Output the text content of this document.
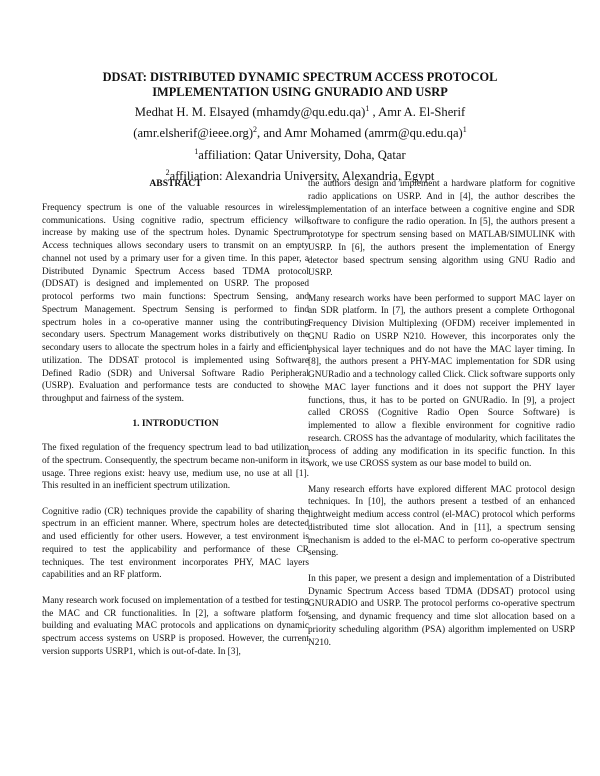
DDSAT: DISTRIBUTED DYNAMIC SPECTRUM ACCESS PROTOCOL
IMPLEMENTATION USING GNURADIO AND USRP

Medhat H. M. Elsayed (mhamdy@qu.edu.qa)$^1$ , Amr A. El-Sherif
(amr.elsherif@ieee.org)$^2$, and Amr Mohamed (amrm@qu.edu.qa)$^1$
$^1$affiliation: Qatar University, Doha, Qatar
$^2$affiliation: Alexandria University, Alexandria, Egypt

ABSTRACT

Frequency spectrum is one of the valuable resources in wireless communications. Using cognitive radio, spectrum efficiency will increase by making use of the spectrum holes. Dynamic Spectrum Access techniques allows secondary users to transmit on an empty channel not used by a primary user for a given time. In this paper, a Distributed Dynamic Spectrum Access based TDMA protocol (DDSAT) is designed and implemented on USRP. The proposed protocol performs two main functions: Spectrum Sensing, and Spectrum Management. Spectrum Sensing is performed to find spectrum holes in a co-operative manner using the contributing secondary users. Spectrum Management works distributively on the secondary users to allocate the spectrum holes in a fairly and efficient utilization. The DDSAT protocol is implemented using Software Defined Radio (SDR) and Universal Software Radio Peripheral (USRP). Evaluation and performance tests are conducted to show throughput and fairness of the system.

1. INTRODUCTION

The fixed regulation of the frequency spectrum lead to bad utilization of the spectrum. Consequently, the spectrum became non-uniform in its usage. Three regions exist: heavy use, medium use, no use at all [1]. This resulted in an inefficient spectrum utilization.

Cognitive radio (CR) techniques provide the capability of sharing the spectrum in an efficient manner. Where, spectrum holes are detected and used efficiently for other users. However, a test environment is required to test the applicability and performance of these CR techniques. The test environment incorporates PHY, MAC layers capabilities and an RF platform.

Many research work focused on implementation of a testbed for testing the MAC and CR functionalities. In [2], a software platform for building and evaluating MAC protocols and applications on dynamic spectrum access systems on USRP is proposed. However, the current version supports USRP1, which is out-of-date. In [3],

the authors design and implement a hardware platform for cognitive radio applications on USRP. And in [4], the author describes the implementation of an interface between a cognitive engine and SDR software to configure the radio operation. In [5], the authors present a prototype for spectrum sensing based on MATLAB/SIMULINK with USRP. In [6], the authors present the implementation of Energy detector based spectrum sensing algorithm using GNU Radio and USRP.

Many research works have been performed to support MAC layer on an SDR platform. In [7], the authors present a complete Orthogonal Frequency Division Multiplexing (OFDM) receiver implemented in GNU Radio on USRP N210. However, this incorporates only the physical layer techniques and do not have the MAC layer timing. In [8], the authors present a PHY-MAC implementation for SDR using GNURadio and a technology called Click. Click software supports only the MAC layer functions and it does not support the PHY layer functions, thus, it has to be ported on GNURadio. In [9], a project called CROSS (Cognitive Radio Open Source Software) is implemented to allow a flexible environment for cognitive radio research. CROSS has the advantage of modularity, which facilitates the process of adding any modification in its specific function. In this work, we use CROSS system as our base model to build on.

Many research efforts have explored different MAC protocol design techniques. In [10], the authors present a testbed of an enhanced lightweight medium access control (el-MAC) protocol which performs distributed time slot allocation. And in [11], a spectrum sensing mechanism is added to the el-MAC to perform co-operative spectrum sensing.

In this paper, we present a design and implementation of a Distributed Dynamic Spectrum Access based TDMA (DDSAT) protocol using GNURADIO and USRP. The protocol performs co-operative spectrum sensing, and dynamic frequency and time slot allocation based on a priority scheduling algorithm (PSA) algorithm implemented on USRP N210.
